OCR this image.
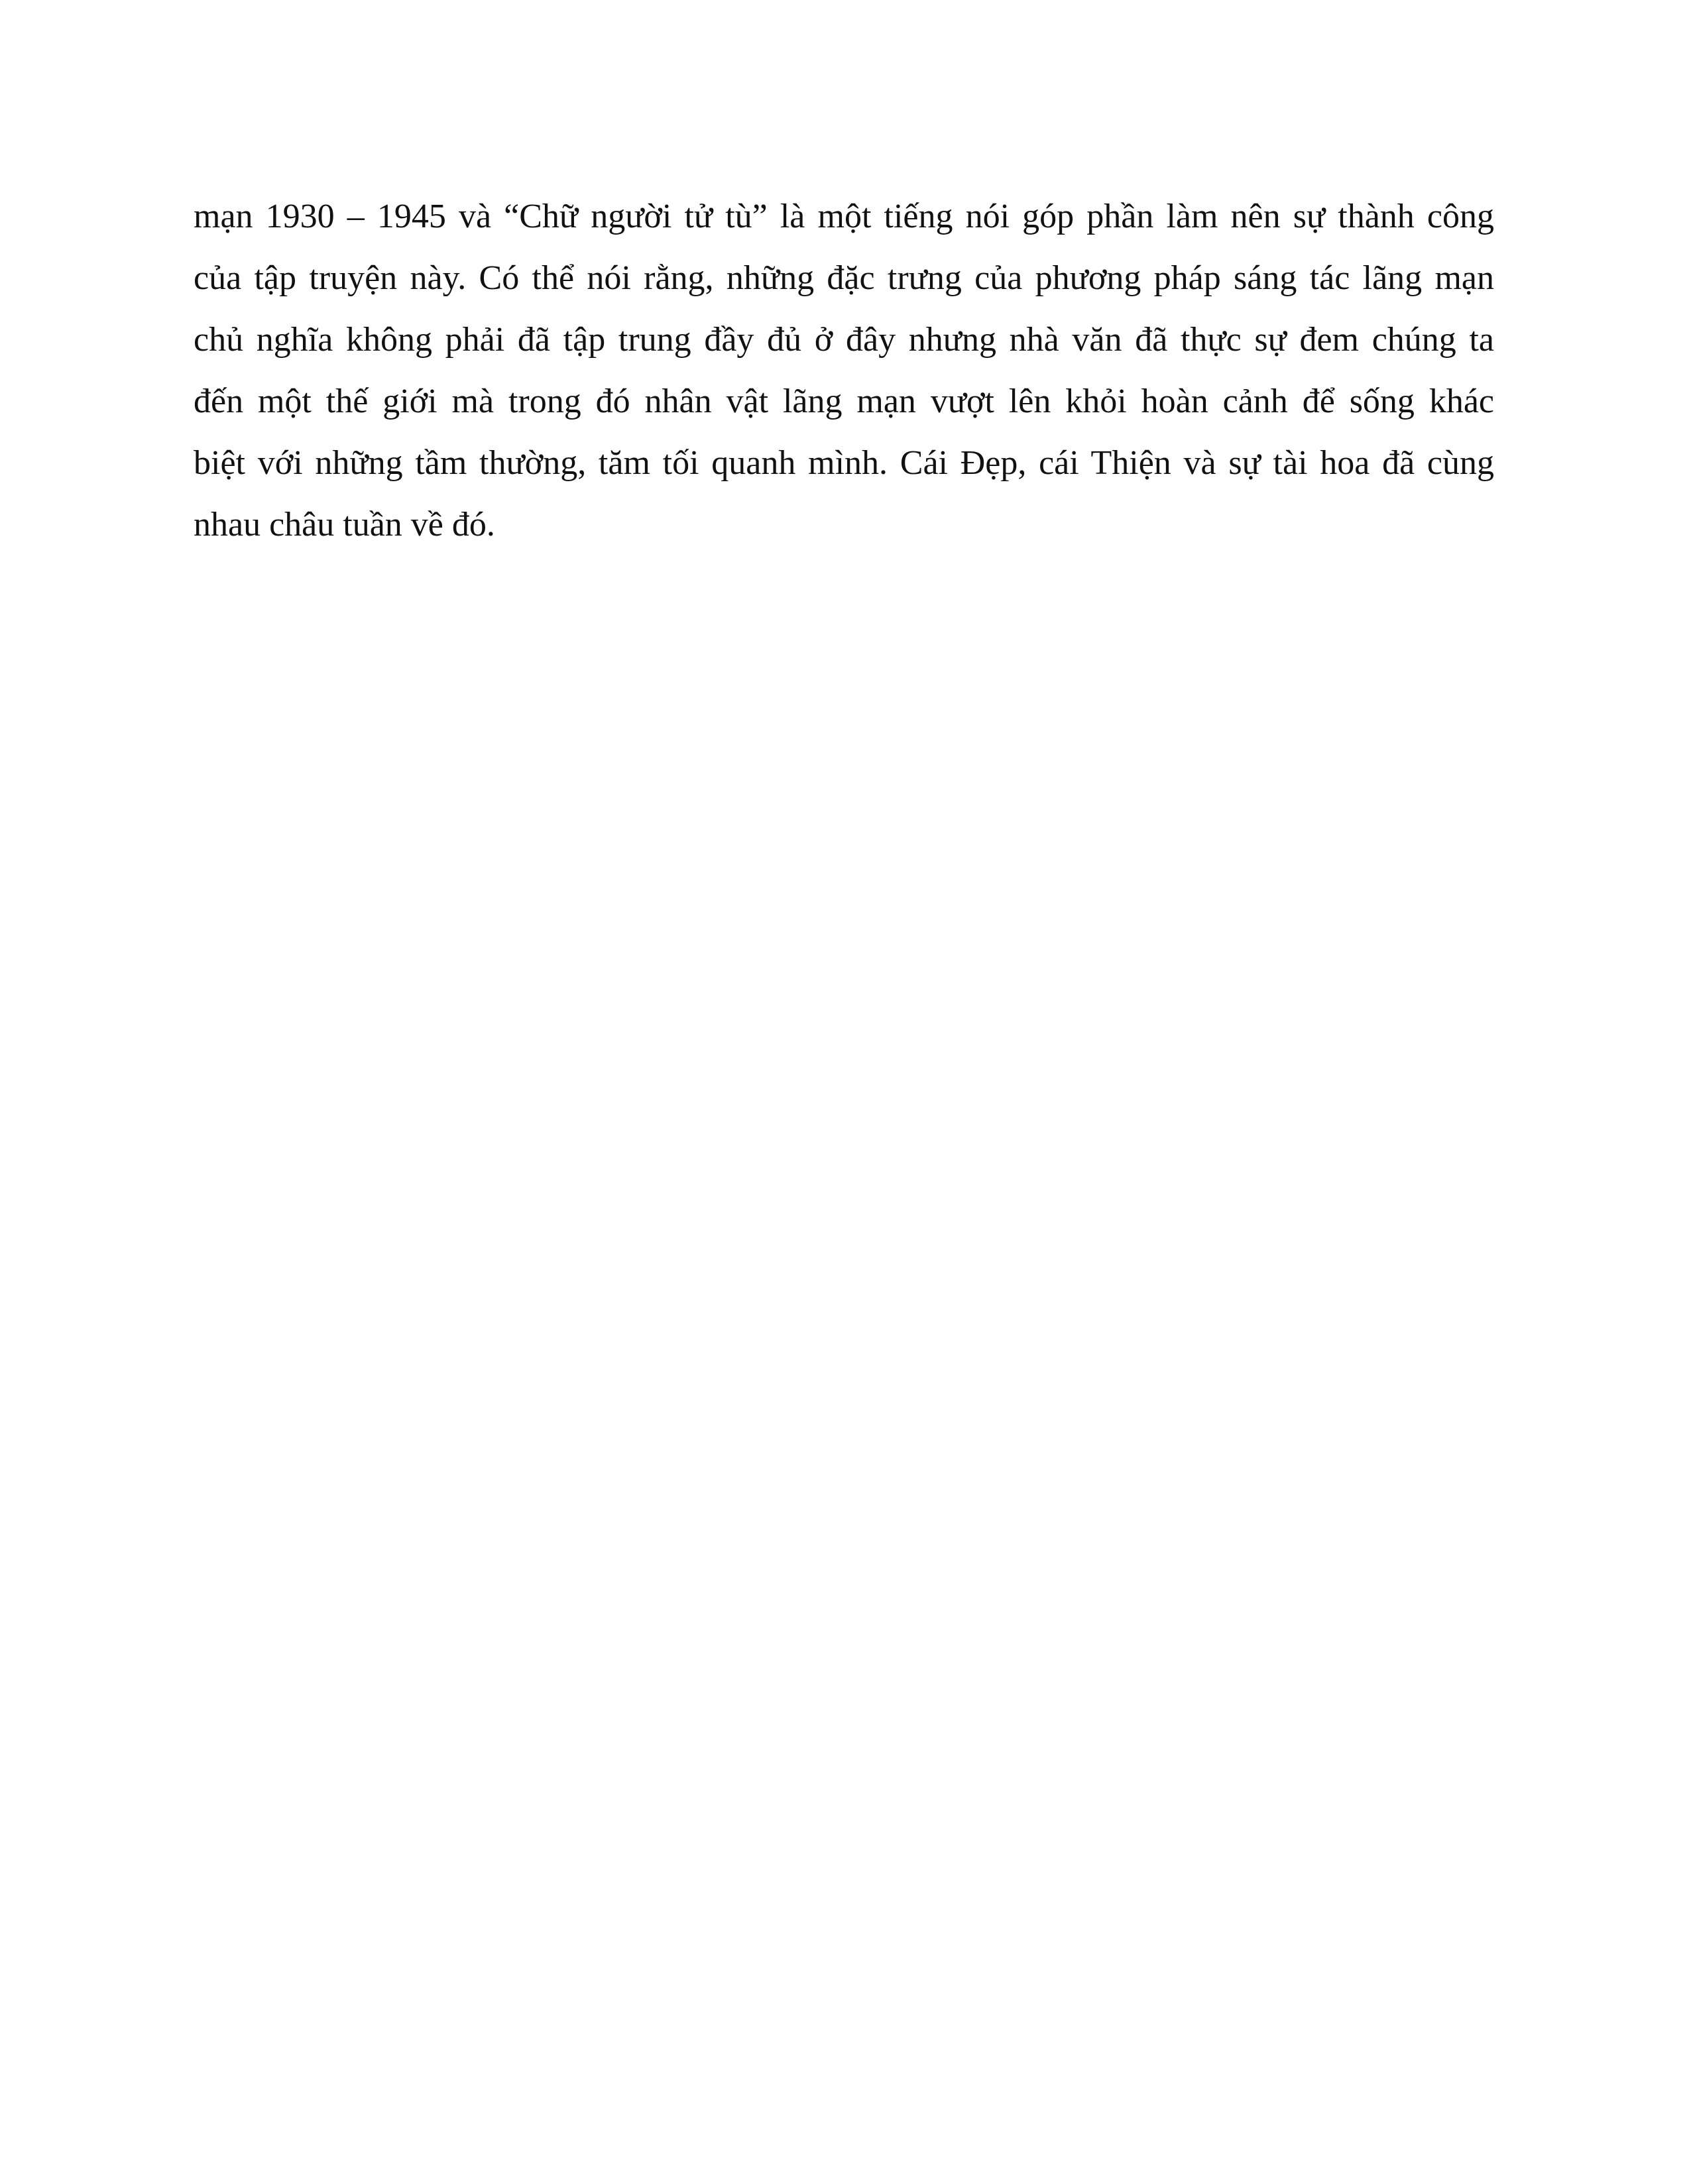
mạn 1930 – 1945 và “Chữ người tử tù” là một tiếng nói góp phần làm nên sự thành công
của tập truyện này. Có thể nói rằng, những đặc trưng của phương pháp sáng tác lãng mạn
chủ nghĩa không phải đã tập trung đầy đủ ở đây nhưng nhà văn đã thực sự đem chúng ta
đến một thế giới mà trong đó nhân vật lãng mạn vượt lên khỏi hoàn cảnh để sống khác
biệt với những tầm thường, tăm tối quanh mình. Cái Đẹp, cái Thiện và sự tài hoa đã cùng
nhau châu tuần về đó.
